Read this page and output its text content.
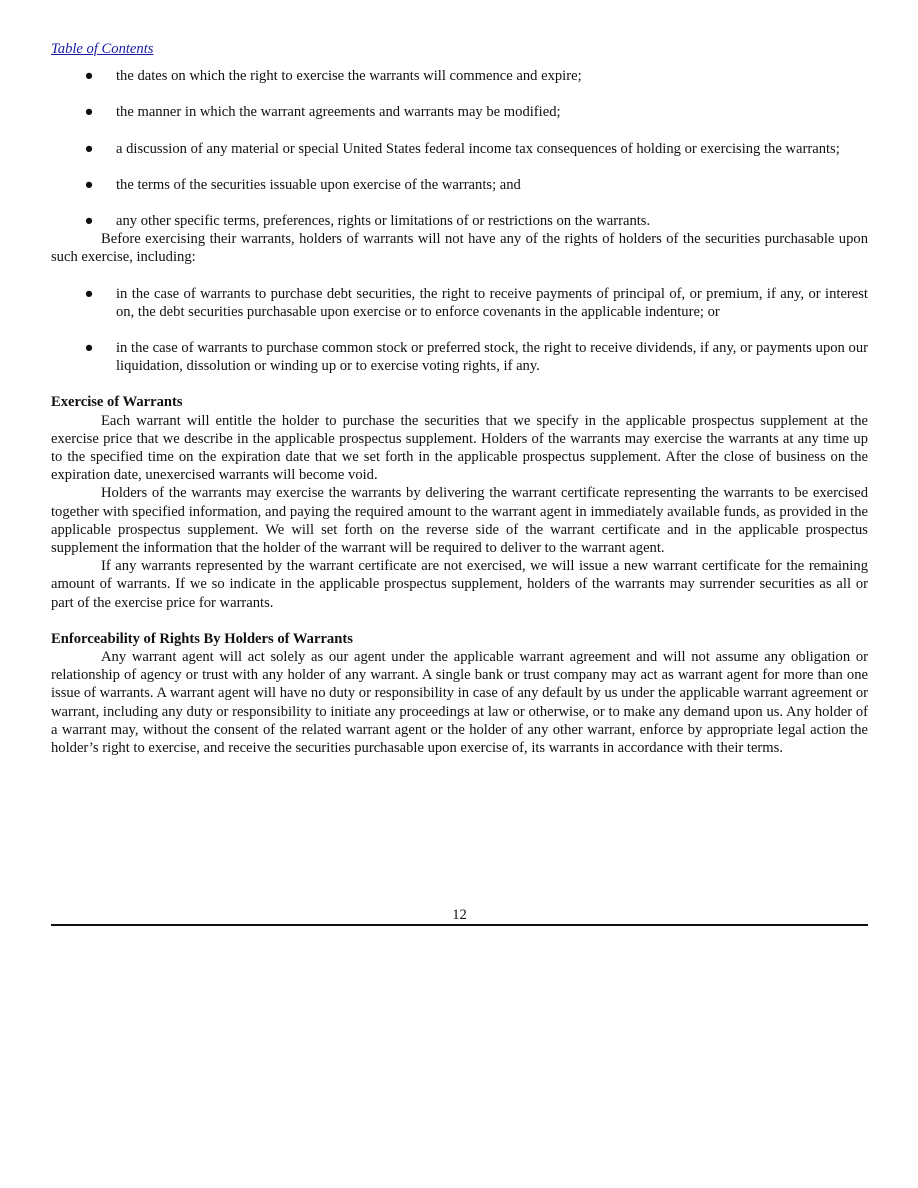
Table of Contents
● the dates on which the right to exercise the warrants will commence and expire;
● the manner in which the warrant agreements and warrants may be modified;
● a discussion of any material or special United States federal income tax consequences of holding or exercising the warrants;
● the terms of the securities issuable upon exercise of the warrants; and
● any other specific terms, preferences, rights or limitations of or restrictions on the warrants.

Before exercising their warrants, holders of warrants will not have any of the rights of holders of the securities purchasable upon such exercise, including:

● in the case of warrants to purchase debt securities, the right to receive payments of principal of, or premium, if any, or interest on, the debt securities purchasable upon exercise or to enforce covenants in the applicable indenture; or
● in the case of warrants to purchase common stock or preferred stock, the right to receive dividends, if any, or payments upon our liquidation, dissolution or winding up or to exercise voting rights, if any.
Exercise of Warrants

Each warrant will entitle the holder to purchase the securities that we specify in the applicable prospectus supplement at the exercise price that we describe in the applicable prospectus supplement. Holders of the warrants may exercise the warrants at any time up to the specified time on the expiration date that we set forth in the applicable prospectus supplement. After the close of business on the expiration date, unexercised warrants will become void.

Holders of the warrants may exercise the warrants by delivering the warrant certificate representing the warrants to be exercised together with specified information, and paying the required amount to the warrant agent in immediately available funds, as provided in the applicable prospectus supplement. We will set forth on the reverse side of the warrant certificate and in the applicable prospectus supplement the information that the holder of the warrant will be required to deliver to the warrant agent.

If any warrants represented by the warrant certificate are not exercised, we will issue a new warrant certificate for the remaining amount of warrants. If we so indicate in the applicable prospectus supplement, holders of the warrants may surrender securities as all or part of the exercise price for warrants.

Enforceability of Rights By Holders of Warrants

Any warrant agent will act solely as our agent under the applicable warrant agreement and will not assume any obligation or relationship of agency or trust with any holder of any warrant. A single bank or trust company may act as warrant agent for more than one issue of warrants. A warrant agent will have no duty or responsibility in case of any default by us under the applicable warrant agreement or warrant, including any duty or responsibility to initiate any proceedings at law or otherwise, or to make any demand upon us. Any holder of a warrant may, without the consent of the related warrant agent or the holder of any other warrant, enforce by appropriate legal action the holder’s right to exercise, and receive the securities purchasable upon exercise of, its warrants in accordance with their terms.

12
